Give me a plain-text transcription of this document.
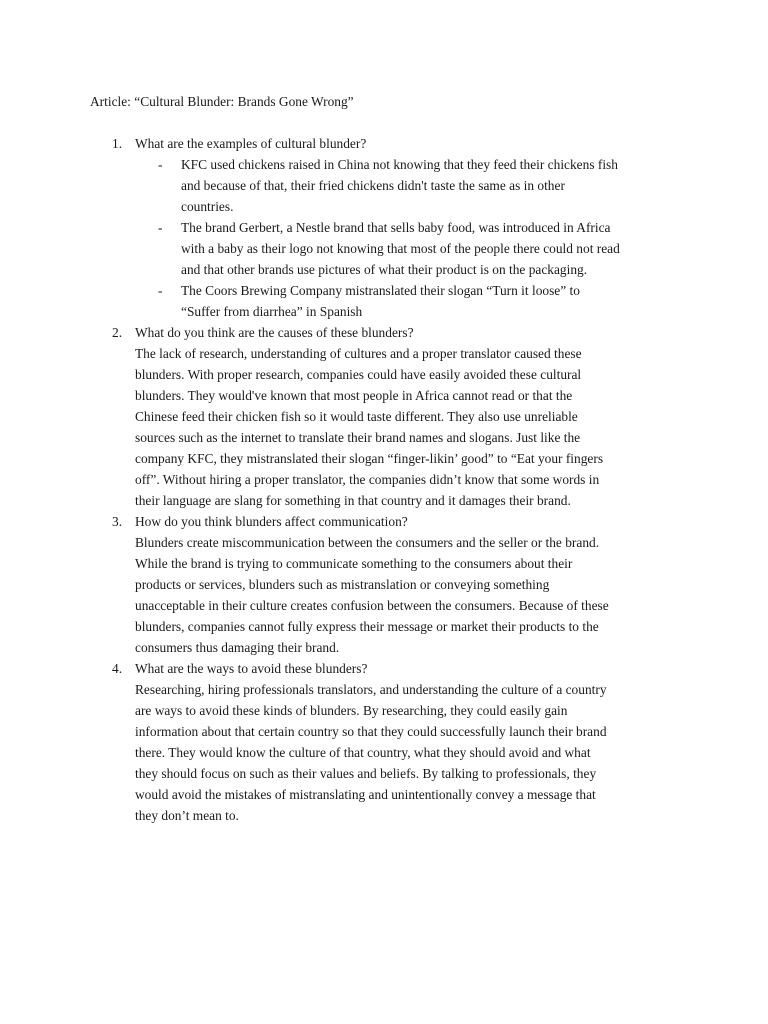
Article: “Cultural Blunder: Brands Gone Wrong”
1. What are the examples of cultural blunder?
- KFC used chickens raised in China not knowing that they feed their chickens fish
and because of that, their fried chickens didn't taste the same as in other
countries.
- The brand Gerbert, a Nestle brand that sells baby food, was introduced in Africa
with a baby as their logo not knowing that most of the people there could not read
and that other brands use pictures of what their product is on the packaging.
- The Coors Brewing Company mistranslated their slogan “Turn it loose” to
“Suffer from diarrhea” in Spanish
2. What do you think are the causes of these blunders?
The lack of research, understanding of cultures and a proper translator caused these
blunders. With proper research, companies could have easily avoided these cultural
blunders. They would've known that most people in Africa cannot read or that the
Chinese feed their chicken fish so it would taste different. They also use unreliable
sources such as the internet to translate their brand names and slogans. Just like the
company KFC, they mistranslated their slogan “finger-likin’ good” to “Eat your fingers
off”. Without hiring a proper translator, the companies didn’t know that some words in
their language are slang for something in that country and it damages their brand.
3. How do you think blunders affect communication?
Blunders create miscommunication between the consumers and the seller or the brand.
While the brand is trying to communicate something to the consumers about their
products or services, blunders such as mistranslation or conveying something
unacceptable in their culture creates confusion between the consumers. Because of these
blunders, companies cannot fully express their message or market their products to the
consumers thus damaging their brand.
4. What are the ways to avoid these blunders?
Researching, hiring professionals translators, and understanding the culture of a country
are ways to avoid these kinds of blunders. By researching, they could easily gain
information about that certain country so that they could successfully launch their brand
there. They would know the culture of that country, what they should avoid and what
they should focus on such as their values and beliefs. By talking to professionals, they
would avoid the mistakes of mistranslating and unintentionally convey a message that
they don’t mean to.
